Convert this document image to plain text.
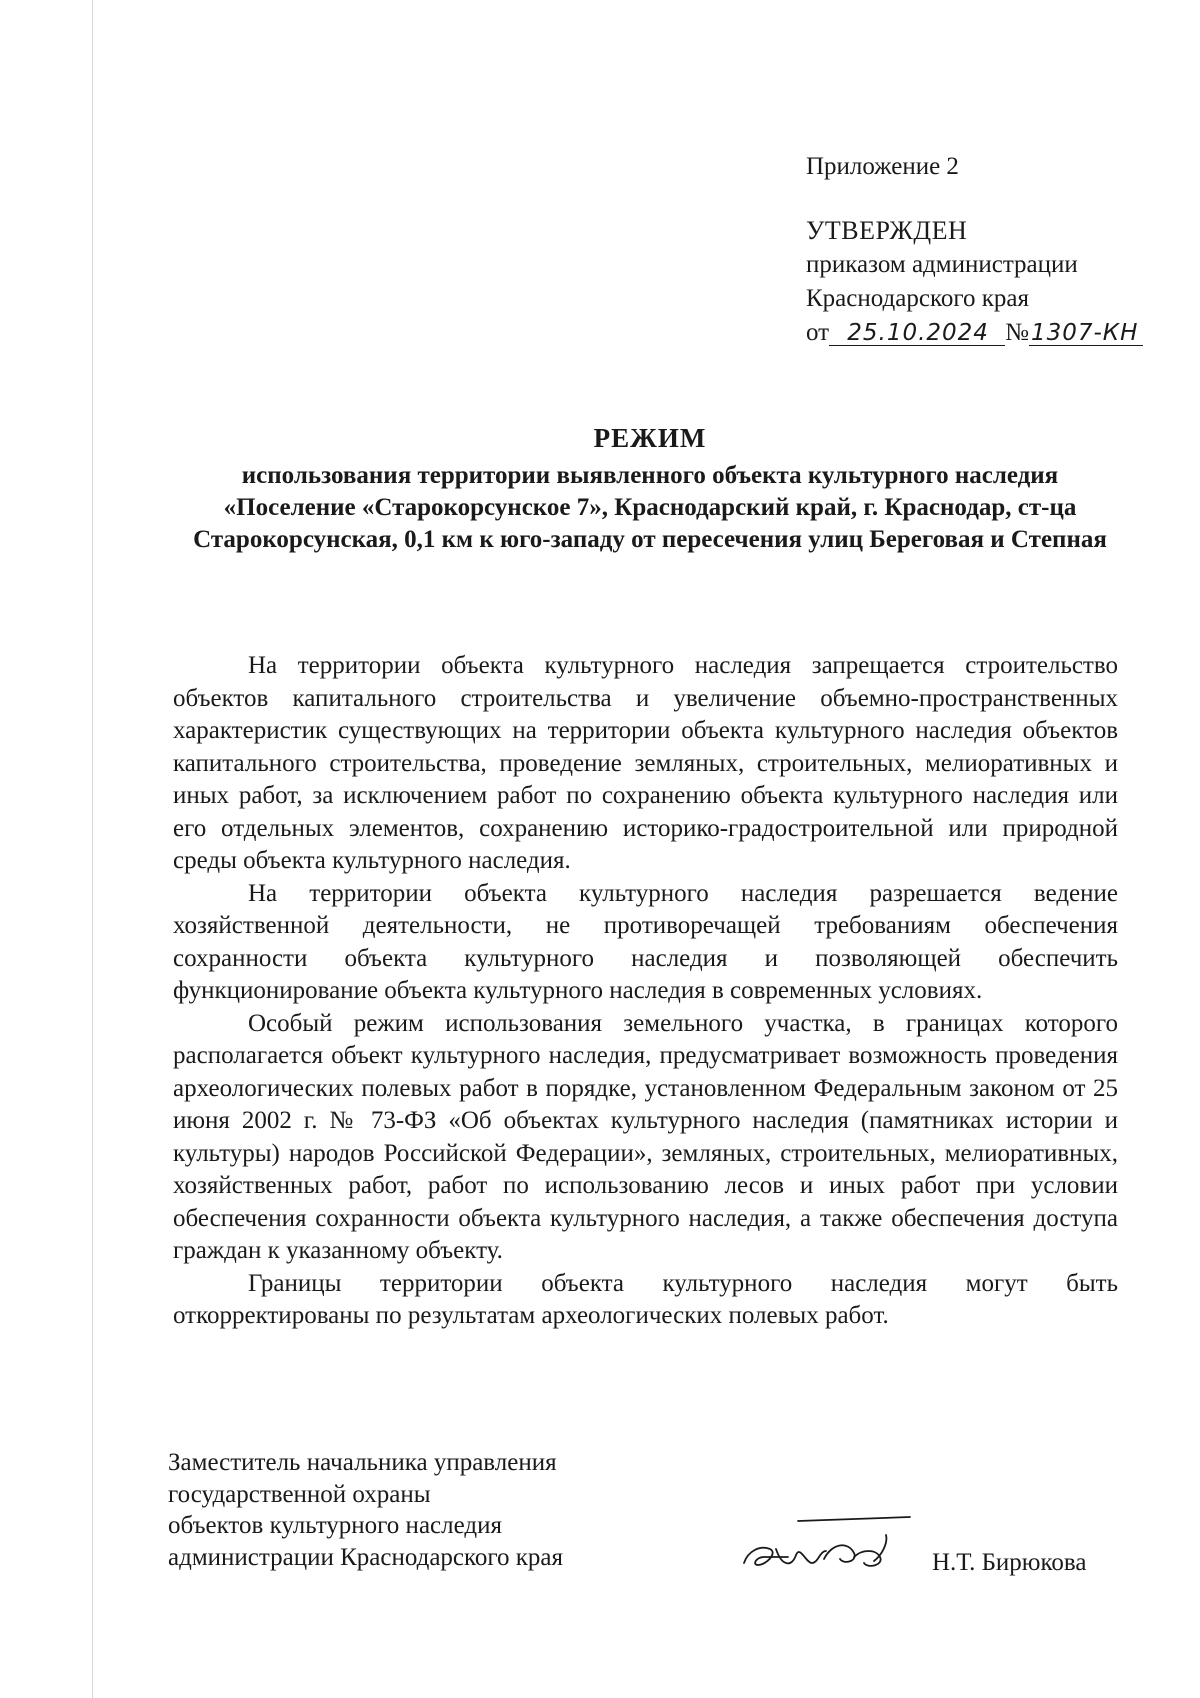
Приложение 2
УТВЕРЖДЕН
приказом администрации
Краснодарского края
от 25.10.2024 № 1307-КН
РЕЖИМ
использования территории выявленного объекта культурного наследия «Поселение «Старокорсунское 7», Краснодарский край, г. Краснодар, ст-ца Старокорсунская, 0,1 км к юго-западу от пересечения улиц Береговая и Степная

На территории объекта культурного наследия запрещается строительство объектов капитального строительства и увеличение объемно-пространственных характеристик существующих на территории объекта культурного наследия объектов капитального строительства, проведение земляных, строительных, мелиоративных и иных работ, за исключением работ по сохранению объекта культурного наследия или его отдельных элементов, сохранению историко-градостроительной или природной среды объекта культурного наследия.

На территории объекта культурного наследия разрешается ведение хозяйственной деятельности, не противоречащей требованиям обеспечения сохранности объекта культурного наследия и позволяющей обеспечить функционирование объекта культурного наследия в современных условиях.

Особый режим использования земельного участка, в границах которого располагается объект культурного наследия, предусматривает возможность проведения археологических полевых работ в порядке, установленном Федеральным законом от 25 июня 2002 г. № 73-ФЗ «Об объектах культурного наследия (памятниках истории и культуры) народов Российской Федерации», земляных, строительных, мелиоративных, хозяйственных работ, работ по использованию лесов и иных работ при условии обеспечения сохранности объекта культурного наследия, а также обеспечения доступа граждан к указанному объекту.

Границы территории объекта культурного наследия могут быть откорректированы по результатам археологических полевых работ.

Заместитель начальника управления
государственной охраны
объектов культурного наследия
администрации Краснодарского края	Н.Т. Бирюкова
